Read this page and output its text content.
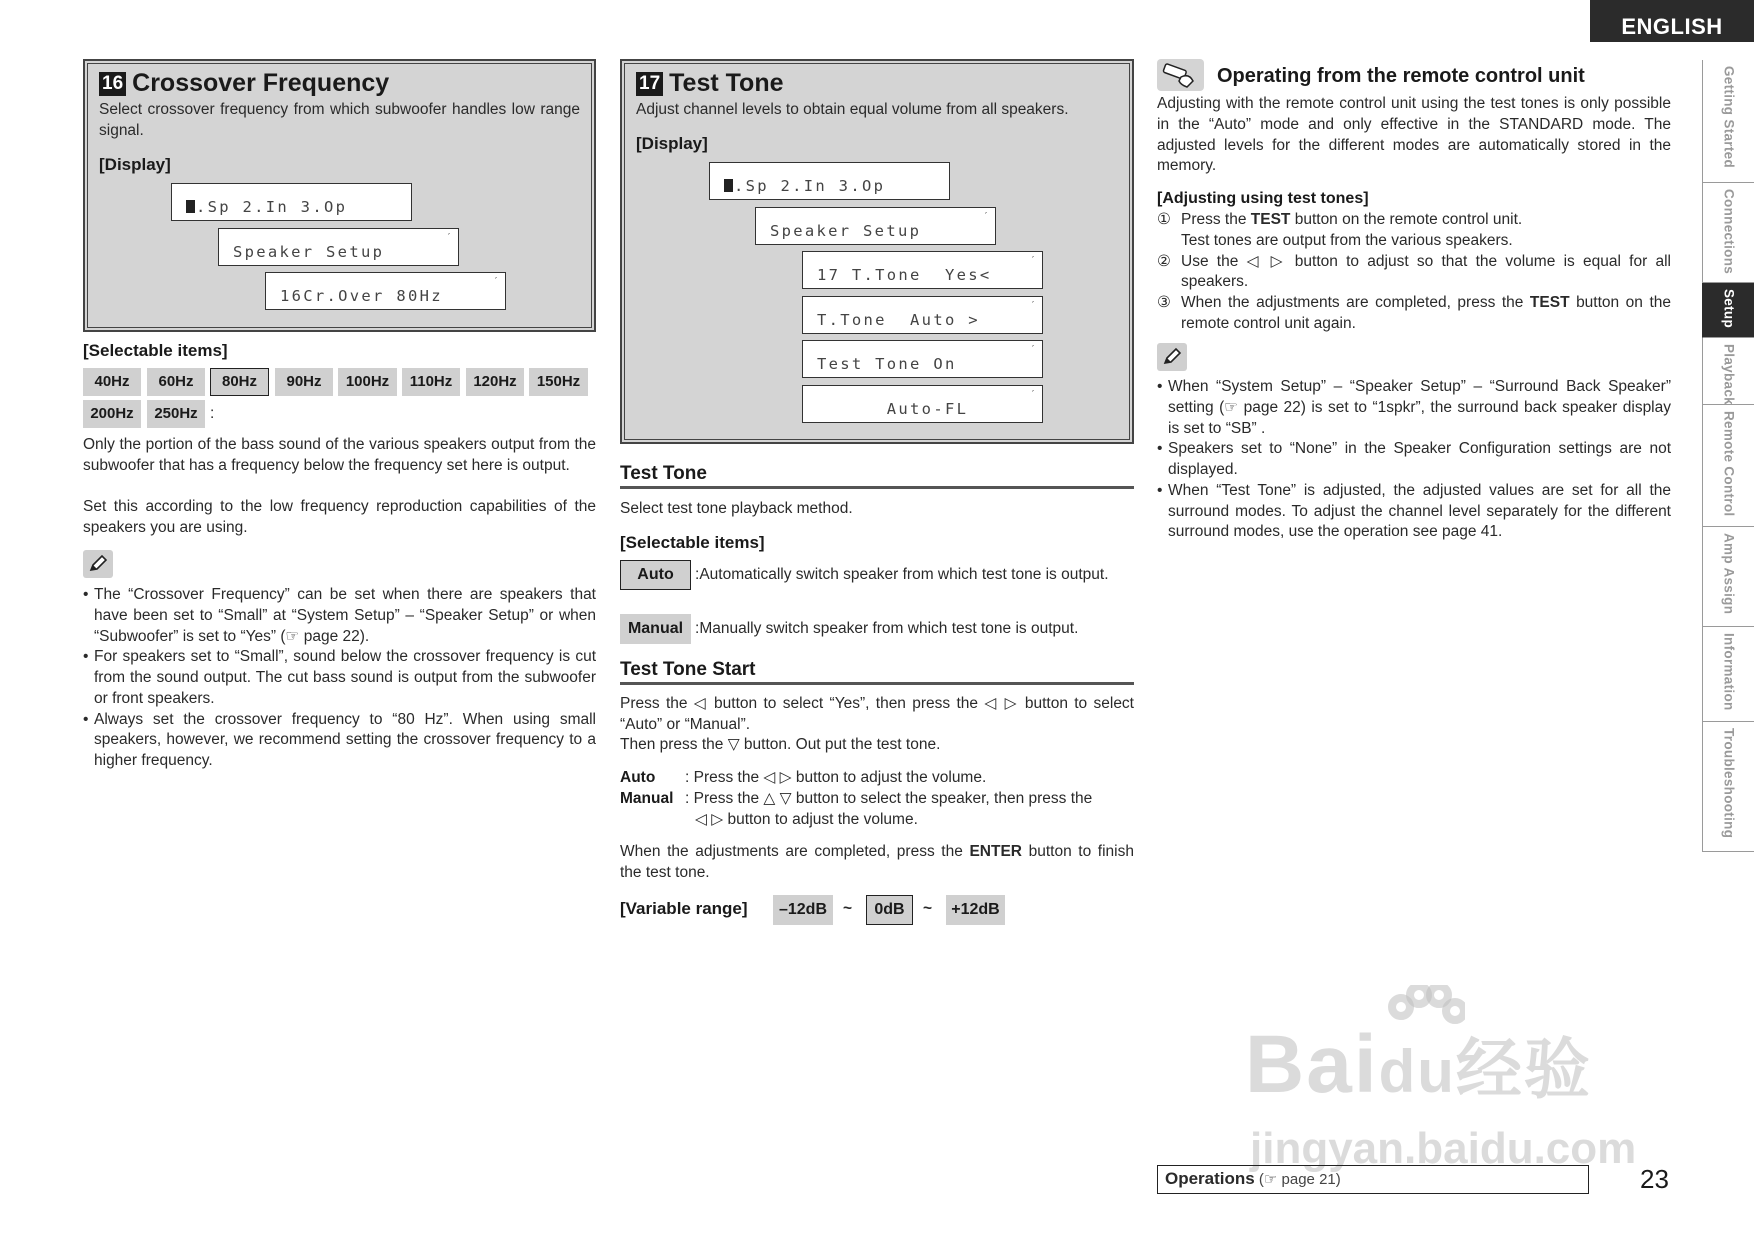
ENGLISH
Getting Started
Connections
Setup
Playback
Remote Control
Amp Assign
Information
Troubleshooting
16 Crossover Frequency
Select crossover frequency from which subwoofer handles low range signal.
[Display]

.Sp 2.In 3.Op

′
Speaker Setup

′
16Cr.Over 80Hz

[Selectable items]
40Hz	60Hz	80Hz	90Hz	100Hz	110Hz	120Hz	150Hz
200Hz	250Hz :
Only the portion of the bass sound of the various speakers output from the subwoofer that has a frequency below the frequency set here is output.
Set this according to the low frequency reproduction capabilities of the speakers you are using.
• The “Crossover Frequency” can be set when there are speakers that have been set to “Small” at “System Setup” – “Speaker Setup” or when “Subwoofer” is set to “Yes” (☞ page 22).
• For speakers set to “Small”, sound below the crossover frequency is cut from the sound output. The cut bass sound is output from the subwoofer or front speakers.
• Always set the crossover frequency to “80 Hz”. When using small speakers, however, we recommend setting the crossover frequency to a higher frequency.
17 Test Tone
Adjust channel levels to obtain equal volume from all speakers.
[Display]

.Sp 2.In 3.Op

′
Speaker Setup

′
17 T.Tone  Yes<

′
T.Tone  Auto >

′
Test Tone On

′
Auto-FL

Test Tone
Select test tone playback method.
[Selectable items]
Auto	:Automatically switch speaker from which test tone is output.
Manual :Manually switch speaker from which test tone is output.
Test Tone Start
Press the ◁ button to select “Yes”, then press the ◁ ▷ button to select “Auto” or “Manual”.
Then press the ▽ button. Out put the test tone.
Auto : Press the ◁ ▷ button to adjust the volume.
Manual : Press the △ ▽ button to select the speaker, then press the
◁ ▷ button to adjust the volume.
When the adjustments are completed, press the ENTER button to finish the test tone.
[Variable range]	–12dB	~	0dB	~	+12dB
Operating from the remote control unit
Adjusting with the remote control unit using the test tones is only possible in the “Auto” mode and only effective in the STANDARD mode. The adjusted levels for the different modes are automatically stored in the memory.
[Adjusting using test tones]
① Press the TEST button on the remote control unit.
Test tones are output from the various speakers.
② Use the ◁ ▷ button to adjust so that the volume is equal for all speakers.
③ When the adjustments are completed, press the TEST button on the remote control unit again.
• When “System Setup” – “Speaker Setup” – “Surround Back Speaker” setting (☞ page 22) is set to “1spkr”, the surround back speaker display is set to “SB” .
• Speakers set to “None” in the Speaker Configuration settings are not displayed.
• When “Test Tone” is adjusted, the adjusted values are set for all the surround modes. To adjust the channel level separately for the different surround modes, use the operation see page 41.
Baidu经验
jingyan.baidu.com
Operations (☞ page 21)	23
